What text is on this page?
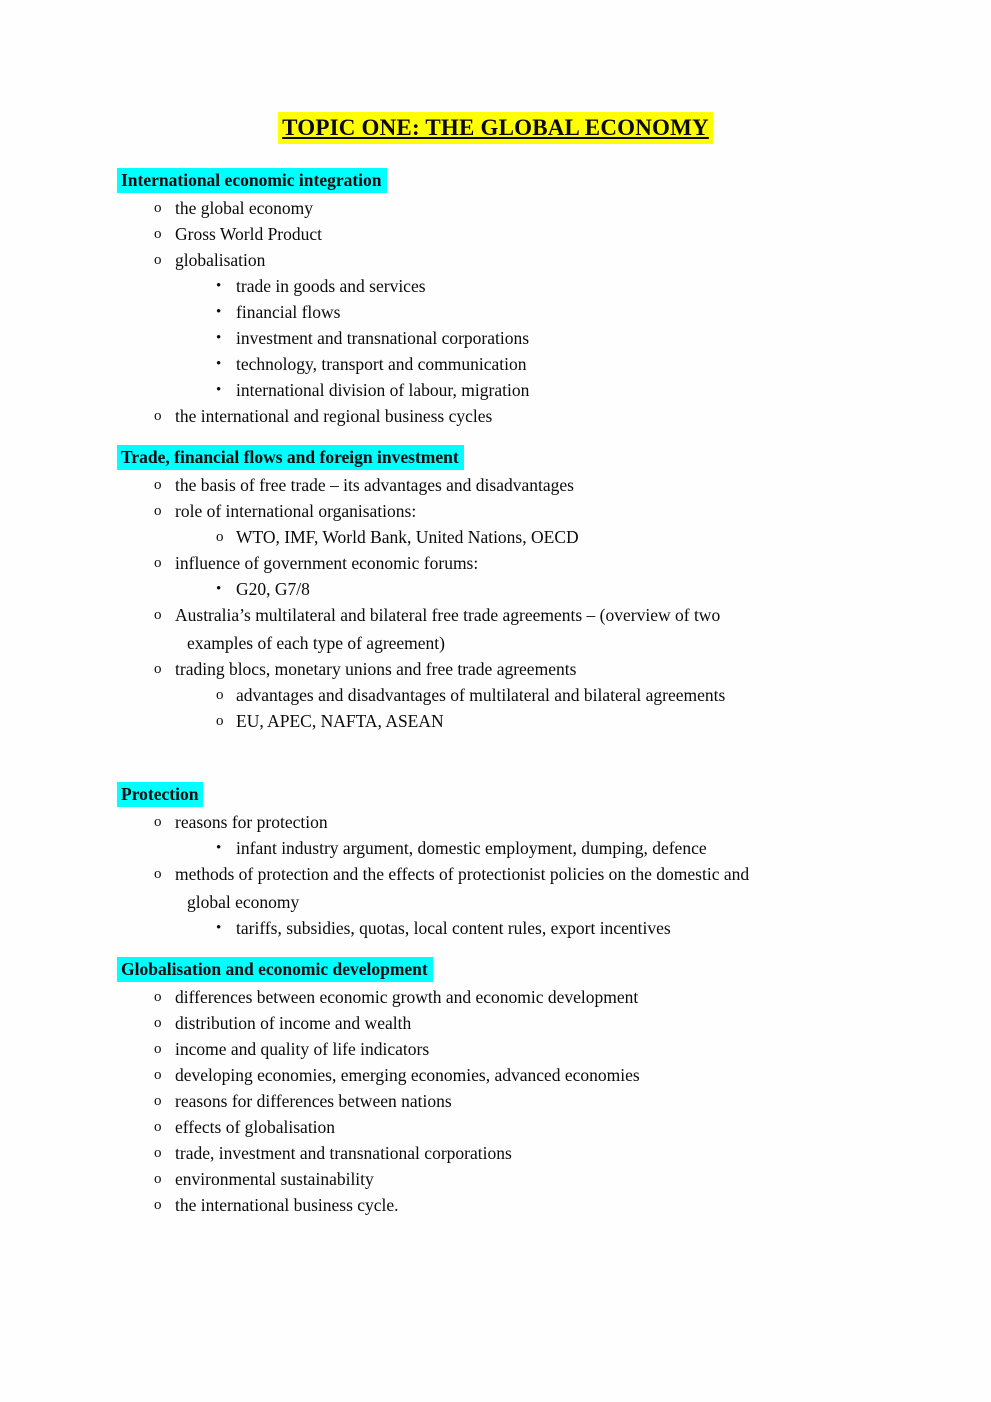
TOPIC ONE: THE GLOBAL ECONOMY
International economic integration
o the global economy
o Gross World Product
o globalisation
• trade in goods and services
• financial flows
• investment and transnational corporations
• technology, transport and communication
• international division of labour, migration
o the international and regional business cycles
Trade, financial flows and foreign investment
o the basis of free trade – its advantages and disadvantages
o role of international organisations:
o WTO, IMF, World Bank, United Nations, OECD
o influence of government economic forums:
• G20, G7/8
o Australia’s multilateral and bilateral free trade agreements – (overview of two
examples of each type of agreement)
o trading blocs, monetary unions and free trade agreements
o advantages and disadvantages of multilateral and bilateral agreements
o EU, APEC, NAFTA, ASEAN
Protection
o reasons for protection
• infant industry argument, domestic employment, dumping, defence
o methods of protection and the effects of protectionist policies on the domestic and
global economy
• tariffs, subsidies, quotas, local content rules, export incentives
Globalisation and economic development
o differences between economic growth and economic development
o distribution of income and wealth
o income and quality of life indicators
o developing economies, emerging economies, advanced economies
o reasons for differences between nations
o effects of globalisation
o trade, investment and transnational corporations
o environmental sustainability
o the international business cycle.
